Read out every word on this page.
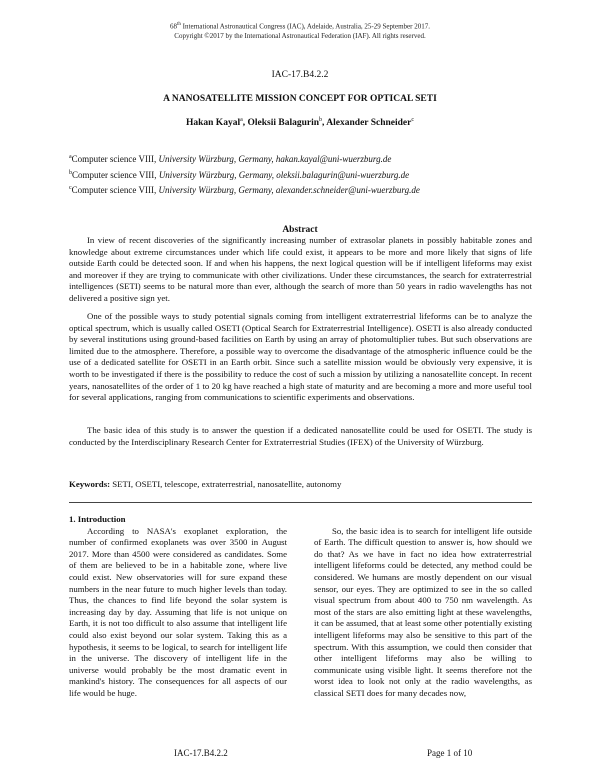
68th International Astronautical Congress (IAC), Adelaide, Australia, 25-29 September 2017.
Copyright ©2017 by the International Astronautical Federation (IAF). All rights reserved.
IAC-17.B4.2.2
A NANOSATELLITE MISSION CONCEPT FOR OPTICAL SETI
Hakan Kayal$^a$, Oleksii Balagurin$^b$, Alexander Schneider$^c$
$^a$Computer science VIII, University Würzburg, Germany, hakan.kayal@uni-wuerzburg.de
$^b$Computer science VIII, University Würzburg, Germany, oleksii.balagurin@uni-wuerzburg.de
$^c$Computer science VIII, University Würzburg, Germany, alexander.schneider@uni-wuerzburg.de
Abstract
In view of recent discoveries of the significantly increasing number of extrasolar planets in possibly habitable zones and knowledge about extreme circumstances under which life could exist, it appears to be more and more likely that signs of life outside Earth could be detected soon. If and when his happens, the next logical question will be if intelligent lifeforms may exist and moreover if they are trying to communicate with other civilizations. Under these circumstances, the search for extraterrestrial intelligences (SETI) seems to be natural more than ever, although the search of more than 50 years in radio wavelengths has not delivered a positive sign yet.
One of the possible ways to study potential signals coming from intelligent extraterrestrial lifeforms can be to analyze the optical spectrum, which is usually called OSETI (Optical Search for Extraterrestrial Intelligence). OSETI is also already conducted by several institutions using ground-based facilities on Earth by using an array of photomultiplier tubes. But such observations are limited due to the atmosphere. Therefore, a possible way to overcome the disadvantage of the atmospheric influence could be the use of a dedicated satellite for OSETI in an Earth orbit. Since such a satellite mission would be obviously very expensive, it is worth to be investigated if there is the possibility to reduce the cost of such a mission by utilizing a nanosatellite concept. In recent years, nanosatellites of the order of 1 to 20 kg have reached a high state of maturity and are becoming a more and more useful tool for several applications, ranging from communications to scientific experiments and observations.
The basic idea of this study is to answer the question if a dedicated nanosatellite could be used for OSETI. The study is conducted by the Interdisciplinary Research Center for Extraterrestrial Studies (IFEX) of the University of Würzburg.
Keywords: SETI, OSETI, telescope, extraterrestrial, nanosatellite, autonomy
1. Introduction
According to NASA's exoplanet exploration, the number of confirmed exoplanets was over 3500 in August 2017. More than 4500 were considered as candidates. Some of them are believed to be in a habitable zone, where live could exist. New observatories will for sure expand these numbers in the near future to much higher levels than today. Thus, the chances to find life beyond the solar system is increasing day by day. Assuming that life is not unique on Earth, it is not too difficult to also assume that intelligent life could also exist beyond our solar system. Taking this as a hypothesis, it seems to be logical, to search for intelligent life in the universe. The discovery of intelligent life in the universe would probably be the most dramatic event in mankind's history. The consequences for all aspects of our life would be huge.
So, the basic idea is to search for intelligent life outside of Earth. The difficult question to answer is, how should we do that? As we have in fact no idea how extraterrestrial intelligent lifeforms could be detected, any method could be considered. We humans are mostly dependent on our visual sensor, our eyes. They are optimized to see in the so called visual spectrum from about 400 to 750 nm wavelength. As most of the stars are also emitting light at these wavelengths, it can be assumed, that at least some other potentially existing intelligent lifeforms may also be sensitive to this part of the spectrum. With this assumption, we could then consider that other intelligent lifeforms may also be willing to communicate using visible light. It seems therefore not the worst idea to look not only at the radio wavelengths, as classical SETI does for many decades now,
IAC-17.B4.2.2	Page 1 of 10
